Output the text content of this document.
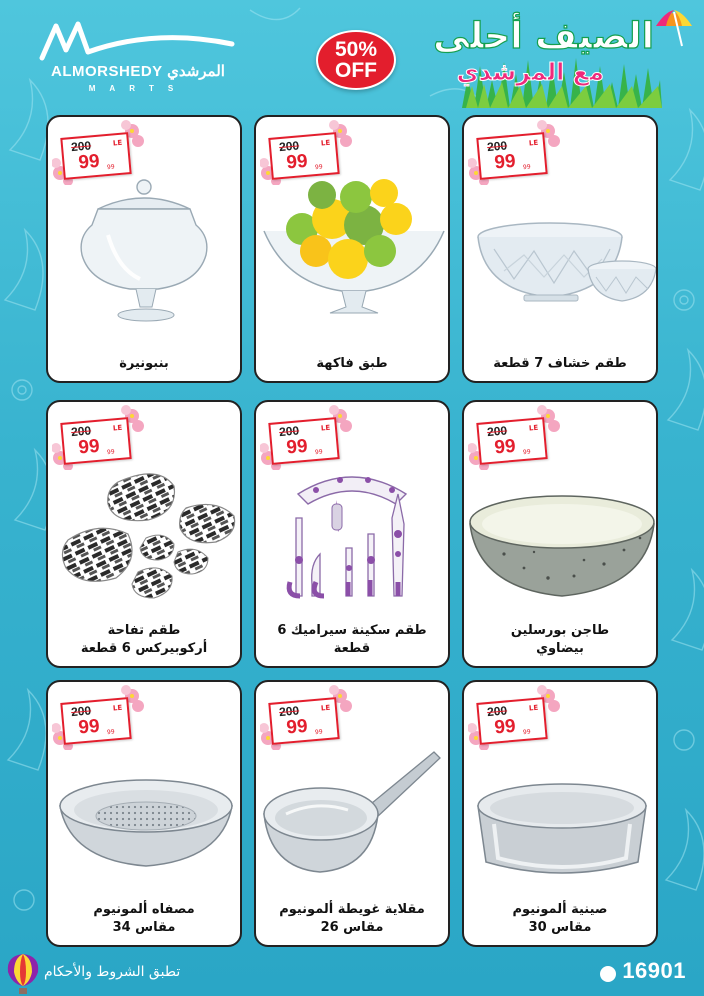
ALMORSHEDY المرشدي
MARTS
50%
OFF
الصيف أحلى
مع المرشدي
200	LE
99 99
طقم خشاف 7 قطعة
200	LE
99 99
طبق فاكهة
200	LE
99 99
بنبونيرة
200	LE
99 99
طاجن بورسلين
بيضاوي
200	LE
99 99
طقم سكينة سيراميك 6 قطعة
200	LE
99 99
طقم تفاحة
أركوبيركس 6 قطعة
200	LE
99 99
صينية ألمونيوم
مقاس 30
200	LE
99 99
مقلاية غويطة ألمونيوم
مقاس 26
200	LE
99 99
مصفاه ألمونيوم
مقاس 34
تطبق الشروط والأحكام	16901
